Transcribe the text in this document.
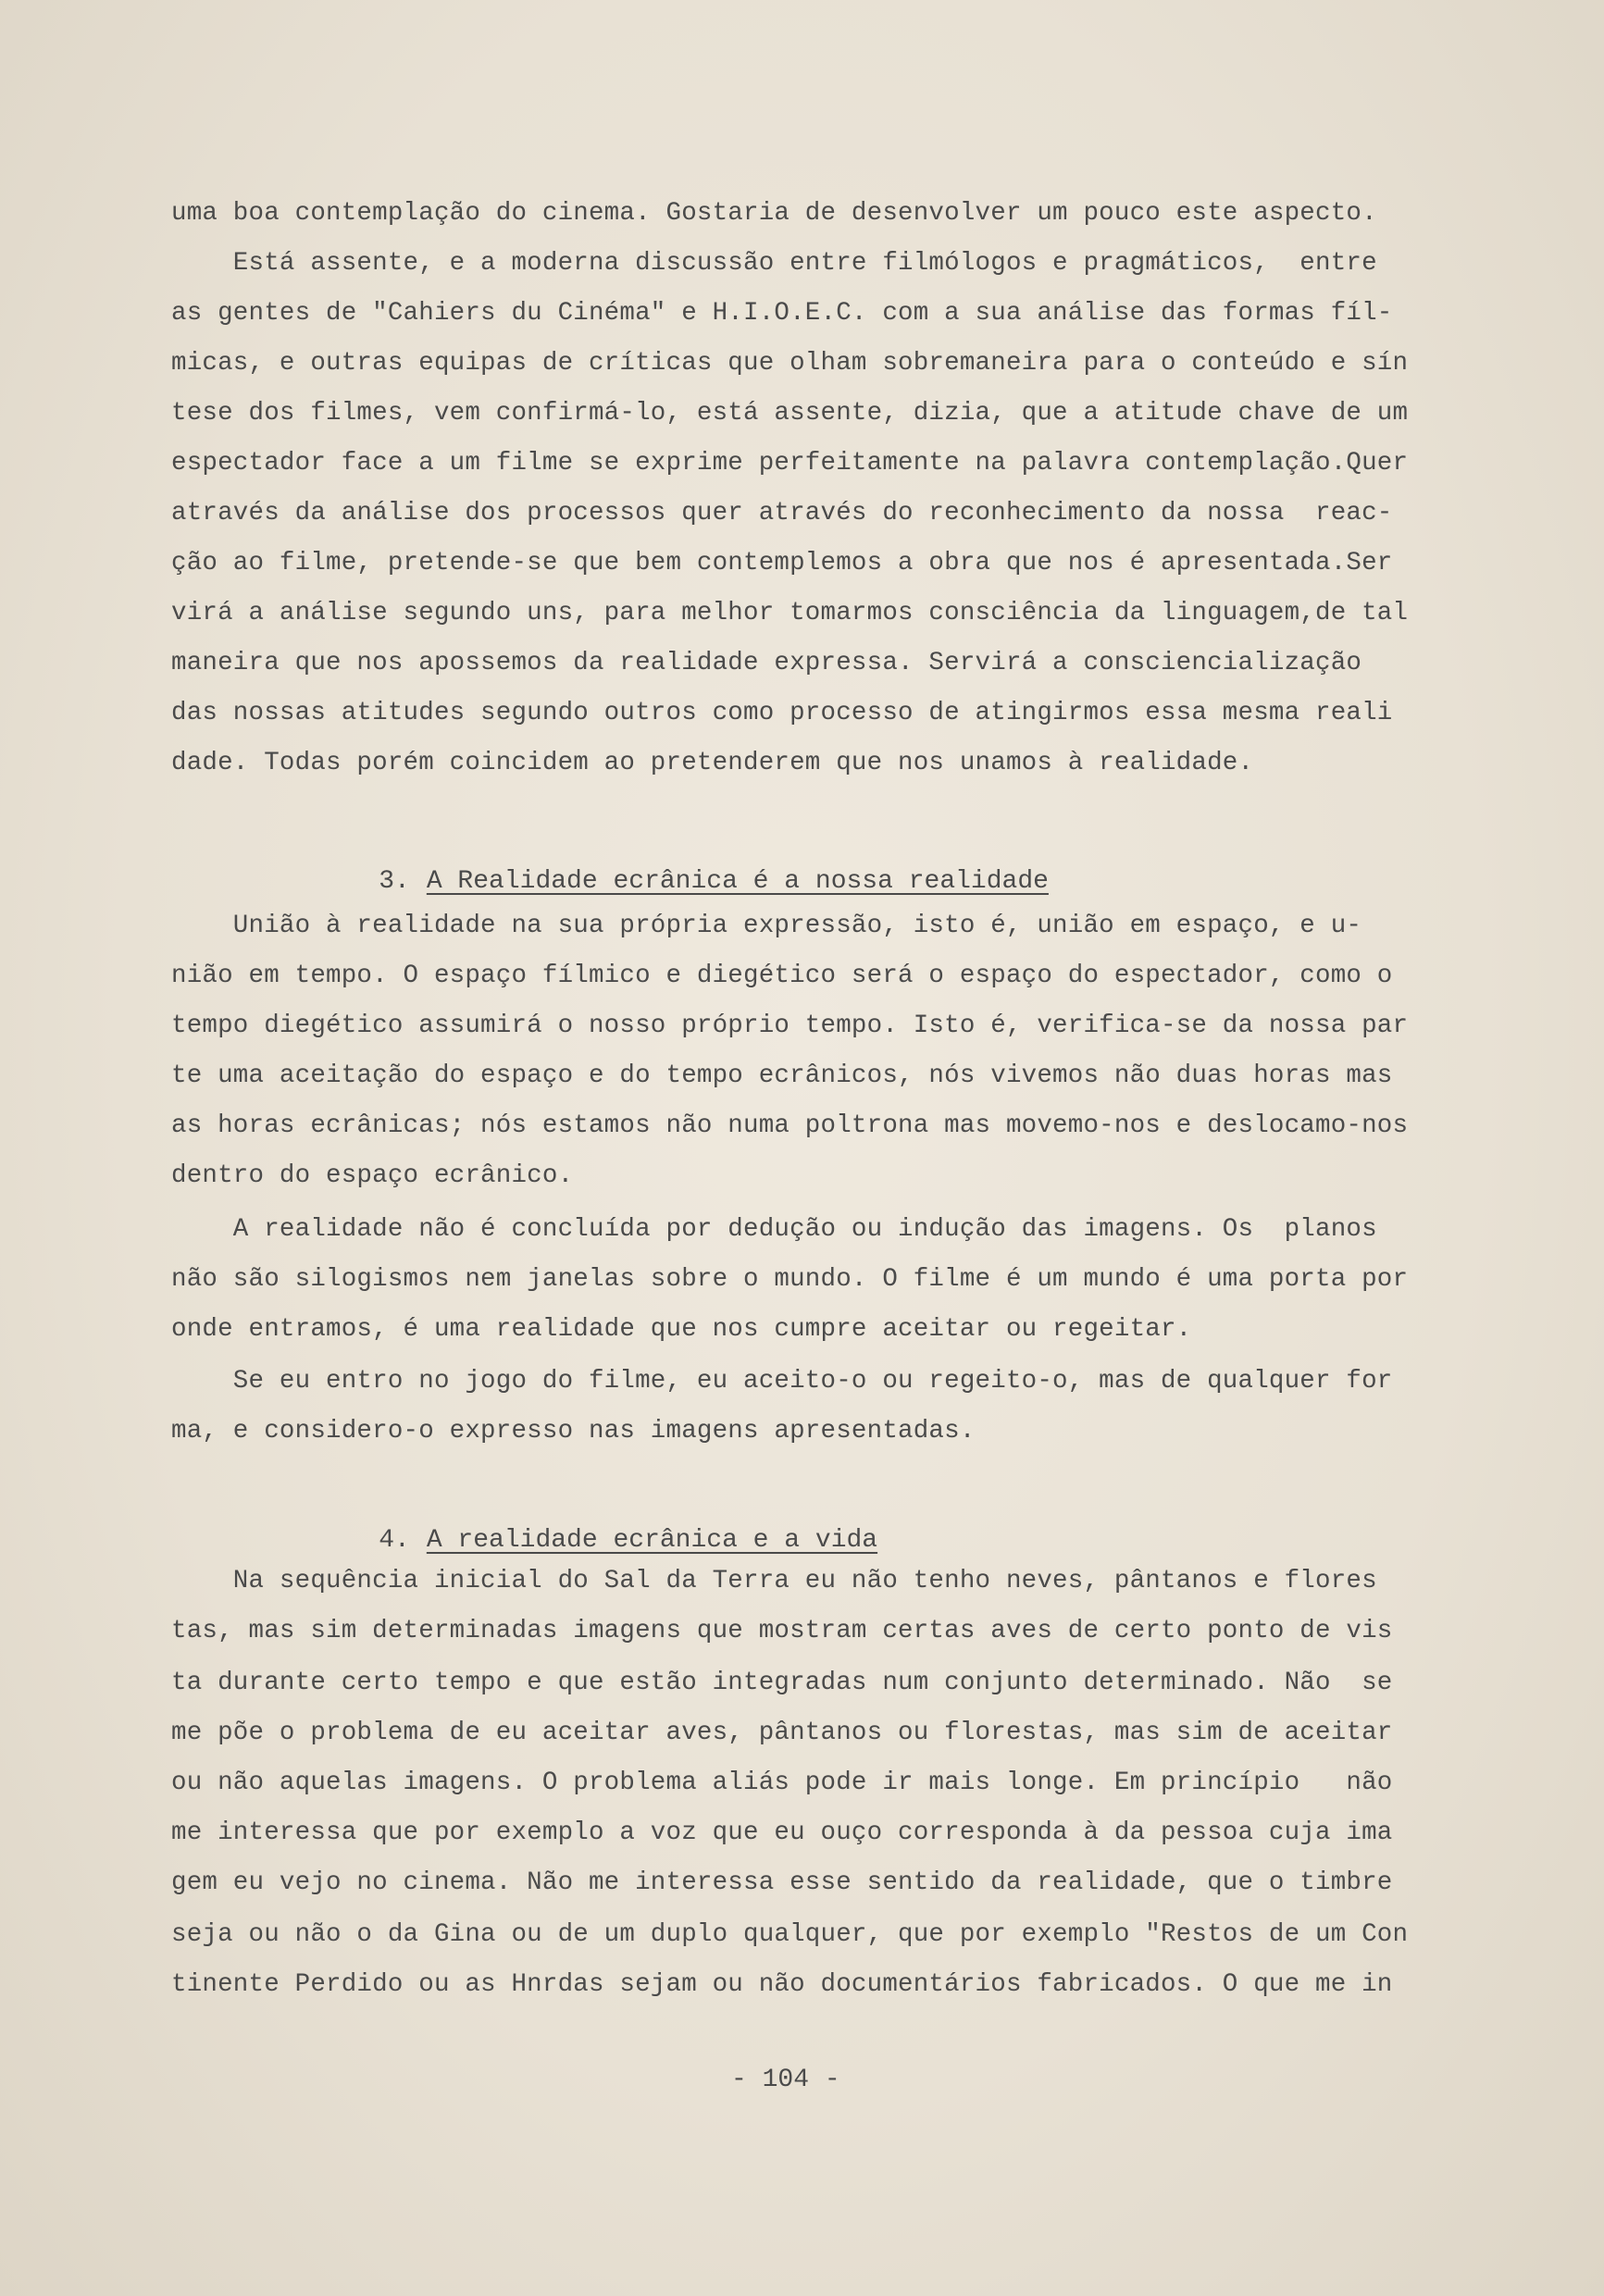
uma boa contemplação do cinema. Gostaria de desenvolver um pouco este aspecto.
Está assente, e a moderna discussão entre filmólogos e pragmáticos,  entre
as gentes de "Cahiers du Cinéma" e H.I.O.E.C. com a sua análise das formas fíl-
micas, e outras equipas de críticas que olham sobremaneira para o conteúdo e sín
tese dos filmes, vem confirmá-lo, está assente, dizia, que a atitude chave de um
espectador face a um filme se exprime perfeitamente na palavra contemplação.Quer
através da análise dos processos quer através do reconhecimento da nossa  reac-
ção ao filme, pretende-se que bem contemplemos a obra que nos é apresentada.Ser
virá a análise segundo uns, para melhor tomarmos consciência da linguagem,de tal
maneira que nos apossemos da realidade expressa. Servirá a consciencialização
das nossas atitudes segundo outros como processo de atingirmos essa mesma reali
dade. Todas porém coincidem ao pretenderem que nos unamos à realidade.

3. A Realidade ecrânica é a nossa realidade

União à realidade na sua própria expressão, isto é, união em espaço, e u-
nião em tempo. O espaço fílmico e diegético será o espaço do espectador, como o
tempo diegético assumirá o nosso próprio tempo. Isto é, verifica-se da nossa par
te uma aceitação do espaço e do tempo ecrânicos, nós vivemos não duas horas mas
as horas ecrânicas; nós estamos não numa poltrona mas movemo-nos e deslocamo-nos
dentro do espaço ecrânico.
A realidade não é concluída por dedução ou indução das imagens. Os  planos
não são silogismos nem janelas sobre o mundo. O filme é um mundo é uma porta por
onde entramos, é uma realidade que nos cumpre aceitar ou regeitar.
Se eu entro no jogo do filme, eu aceito-o ou regeito-o, mas de qualquer for
ma, e considero-o expresso nas imagens apresentadas.

4. A realidade ecrânica e a vida

Na sequência inicial do Sal da Terra eu não tenho neves, pântanos e flores
tas, mas sim determinadas imagens que mostram certas aves de certo ponto de vis
ta durante certo tempo e que estão integradas num conjunto determinado. Não  se
me põe o problema de eu aceitar aves, pântanos ou florestas, mas sim de aceitar
ou não aquelas imagens. O problema aliás pode ir mais longe. Em princípio   não
me interessa que por exemplo a voz que eu ouço corresponda à da pessoa cuja ima
gem eu vejo no cinema. Não me interessa esse sentido da realidade, que o timbre
seja ou não o da Gina ou de um duplo qualquer, que por exemplo "Restos de um Con
tinente Perdido ou as Hnrdas sejam ou não documentários fabricados. O que me in
- 104 -
